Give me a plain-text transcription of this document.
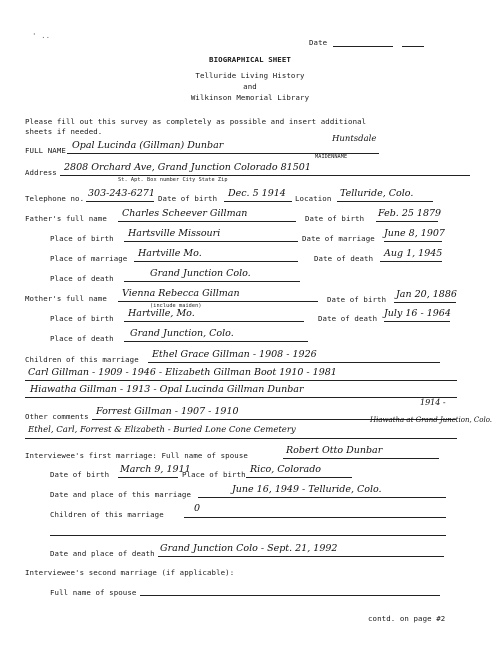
' ..
Date
BIOGRAPHICAL SHEET
Telluride Living History
and
Wilkinson Memorial Library
Please fill out this survey as completely as possible and insert additional
sheets if needed.
FULL NAME Opal Lucinda (Gillman) Dunbar
Huntsdale
MAIDENNAME
Address 2808 Orchard Ave, Grand Junction Colorado 81501
St. Apt. Box number City State Zip
Telephone no. 303-243-6271 Date of birth Dec. 5 1914 Location Telluride, Colo.
Father's full name Charles Scheever Gillman	Date of birth Feb. 25 1879
Place of birth Hartsville Missouri	Date of marriage June 8, 1907
Place of marriage Hartville Mo.	Date of death Aug 1, 1945
Place of death	Grand Junction Colo.
Mother's full name Vienna Rebecca Gillman
(include maiden)
Date of birth Jan 20, 1886
Place of birth Hartville, Mo.	Date of death July 16 - 1964
Place of death Grand Junction, Colo.
Children of this marriage Ethel Grace Gillman - 1908 - 1926
Carl Gillman - 1909 - 1946 - Elizabeth Gillman Boot 1910 - 1981
Hiawatha Gillman - 1913 - Opal Lucinda Gillman Dunbar
1914 -
Other comments Forrest Gillman - 1907 - 1910
Ethel, Carl, Forrest & Elizabeth - Buried Lone Cone Cemetery
Hiawatha at Grand Junction, Colo.
Interviewee's first marriage: Full name of spouse	Robert Otto Dunbar
Date of birth March 9, 1911
Place of birth Rico, Colorado
Date and place of this marriage	June 16, 1949 - Telluride, Colo.
Children of this marriage
0
Date and place of death Grand Junction Colo - Sept. 21, 1992
Interviewee's second marriage (if applicable):
Full name of spouse
contd. on page #2
